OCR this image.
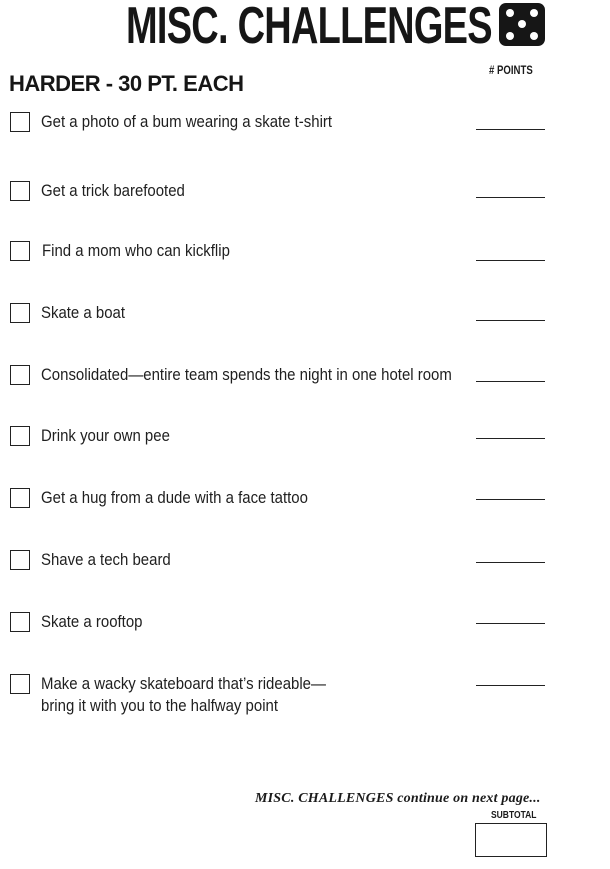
MISC. CHALLENGES
HARDER - 30 PT. EACH
# POINTS
Get a photo of a bum wearing a skate t-shirt
Get a trick barefooted
Find a mom who can kickflip
Skate a boat
Consolidated—entire team spends the night in one hotel room
Drink your own pee
Get a hug from a dude with a face tattoo
Shave a tech beard
Skate a rooftop
Make a wacky skateboard that’s rideable—
bring it with you to the halfway point
MISC. CHALLENGES continue on next page...
SUBTOTAL
